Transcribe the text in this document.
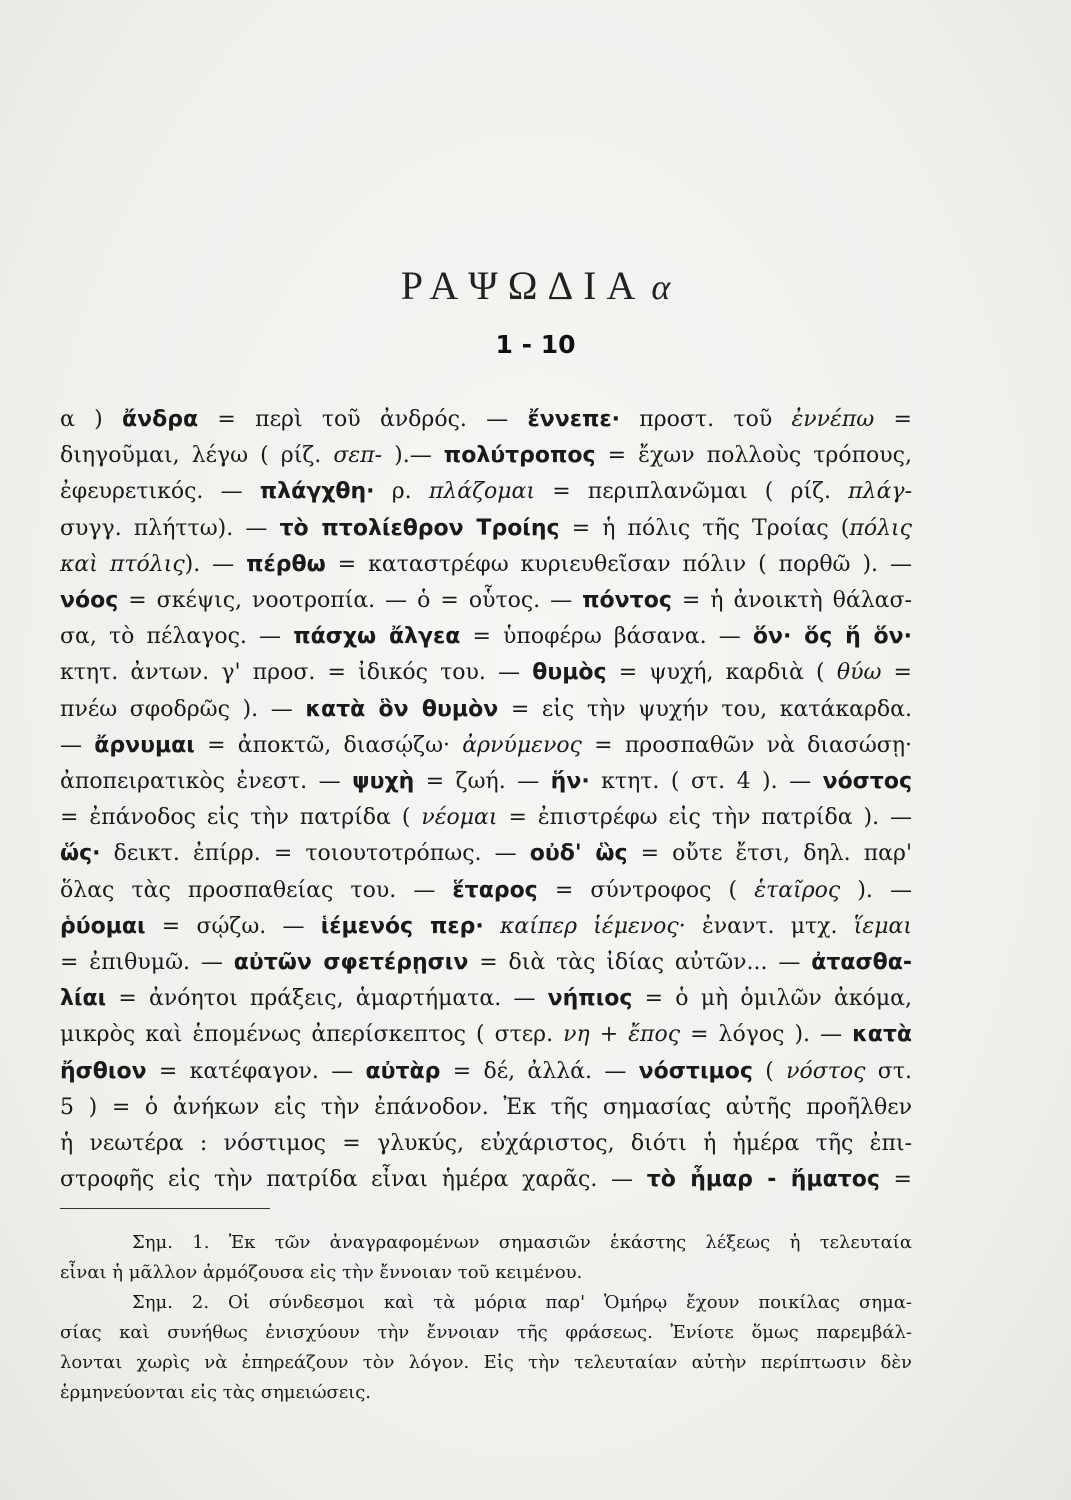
ΡΑΨΩΔΙΑ α
1 - 10
α ) ἄνδρα = περὶ τοῦ ἀνδρός. — ἔννεπε· προστ. τοῦ ἐννέπω =
διηγοῦμαι, λέγω ( ρίζ. σεπ- ).— πολύτροπος = ἔχων πολλοὺς τρόπους,
ἐφευρετικός. — πλάγχθη· ρ. πλάζομαι = περιπλανῶμαι ( ρίζ. πλάγ-
συγγ. πλήττω). — τὸ πτολίεθρον Τροίης = ἡ πόλις τῆς Τροίας (πόλις
καὶ πτόλις). — πέρθω = καταστρέφω κυριευθεῖσαν πόλιν ( πορθῶ ). —
νόος = σκέψις, νοοτροπία. — ὁ = οὗτος. — πόντος = ἡ ἀνοικτὴ θάλασ-
σα, τὸ πέλαγος. — πάσχω ἄλγεα = ὑποφέρω βάσανα. — ὅν· ὅς ἥ ὅν·
κτητ. ἀντων. γ' προσ. = ἰδικός του. — θυμὸς = ψυχή, καρδιὰ ( θύω =
πνέω σφοδρῶς ). — κατὰ ὃν θυμὸν = εἰς τὴν ψυχήν του, κατάκαρδα.
— ἄρνυμαι = ἀποκτῶ, διασῴζω· ἀρνύμενος = προσπαθῶν νὰ διασώσῃ·
ἀποπειρατικὸς ἐνεστ. — ψυχὴ = ζωή. — ἥν· κτητ. ( στ. 4 ). — νόστος
= ἐπάνοδος εἰς τὴν πατρίδα ( νέομαι = ἐπιστρέφω εἰς τὴν πατρίδα ). —
ὥς· δεικτ. ἐπίρρ. = τοιουτοτρόπως. — οὐδ' ὣς = οὔτε ἔτσι, δηλ. παρ'
ὅλας τὰς προσπαθείας του. — ἕταρος = σύντροφος ( ἑταῖρος ). —
ῥύομαι = σῴζω. — ἱέμενός περ· καίπερ ἱέμενος· ἐναντ. μτχ. ἵεμαι
= ἐπιθυμῶ. — αὐτῶν σφετέρῃσιν = διὰ τὰς ἰδίας αὐτῶν... — ἀτασθα-
λίαι = ἀνόητοι πράξεις, ἁμαρτήματα. — νήπιος = ὁ μὴ ὁμιλῶν ἀκόμα,
μικρὸς καὶ ἑπομένως ἀπερίσκεπτος ( στερ. νη + ἔπος = λόγος ). — κατὰ
ἤσθιον = κατέφαγον. — αὐτὰρ = δέ, ἀλλά. — νόστιμος ( νόστος στ.
5 ) = ὁ ἀνήκων εἰς τὴν ἐπάνοδον. Ἐκ τῆς σημασίας αὐτῆς προῆλθεν
ἡ νεωτέρα : νόστιμος = γλυκύς, εὐχάριστος, διότι ἡ ἡμέρα τῆς ἐπι-
στροφῆς εἰς τὴν πατρίδα εἶναι ἡμέρα χαρᾶς. — τὸ ἦμαρ - ἤματος =
Σημ. 1. Ἐκ τῶν ἀναγραφομένων σημασιῶν ἑκάστης λέξεως ἡ τελευταία
εἶναι ἡ μᾶλλον ἁρμόζουσα εἰς τὴν ἔννοιαν τοῦ κειμένου.
Σημ. 2. Οἱ σύνδεσμοι καὶ τὰ μόρια παρ' Ὁμήρῳ ἔχουν ποικίλας σημα-
σίας καὶ συνήθως ἐνισχύουν τὴν ἔννοιαν τῆς φράσεως. Ἐνίοτε ὅμως παρεμβάλ-
λονται χωρὶς νὰ ἐπηρεάζουν τὸν λόγον. Εἰς τὴν τελευταίαν αὐτὴν περίπτωσιν δὲν
ἑρμηνεύονται εἰς τὰς σημειώσεις.
